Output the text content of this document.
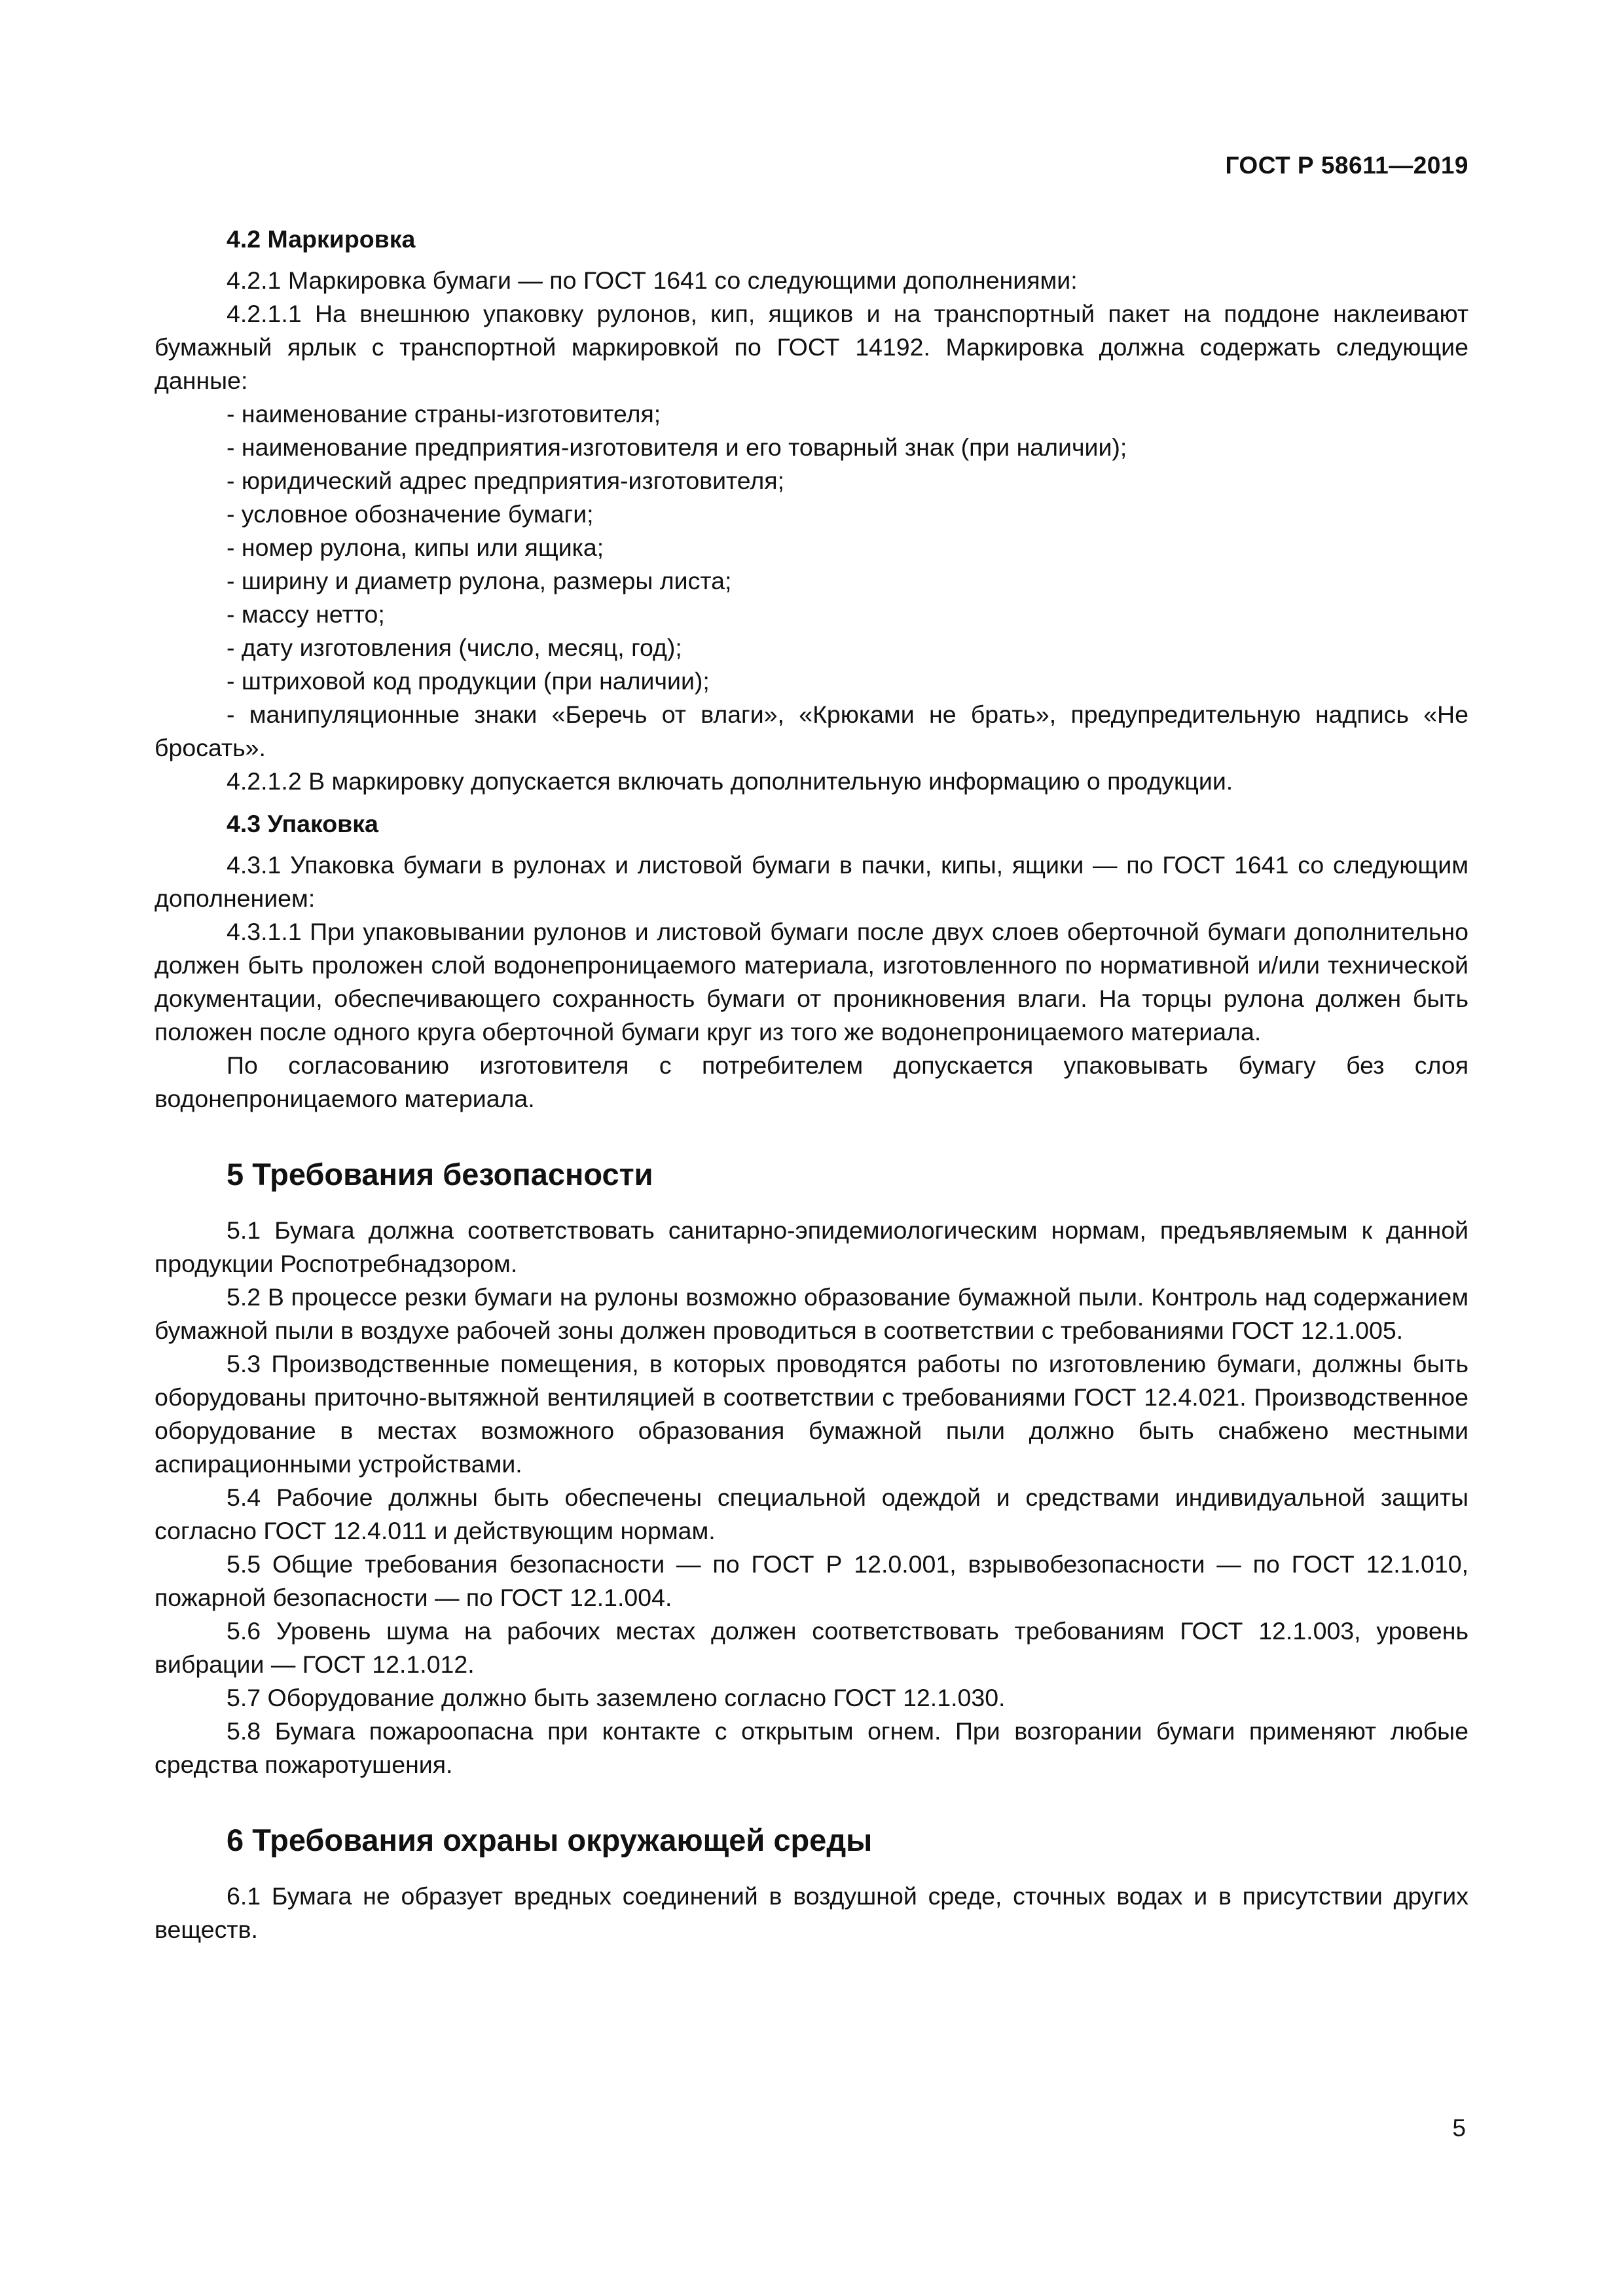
ГОСТ Р 58611—2019

4.2 Маркировка

4.2.1 Маркировка бумаги — по ГОСТ 1641 со следующими дополнениями:

4.2.1.1 На внешнюю упаковку рулонов, кип, ящиков и на транспортный пакет на поддоне наклеивают бумажный ярлык с транспортной маркировкой по ГОСТ 14192. Маркировка должна содержать следующие данные:

- наименование страны-изготовителя;

- наименование предприятия-изготовителя и его товарный знак (при наличии);

- юридический адрес предприятия-изготовителя;

- условное обозначение бумаги;

- номер рулона, кипы или ящика;

- ширину и диаметр рулона, размеры листа;

- массу нетто;

- дату изготовления (число, месяц, год);

- штриховой код продукции (при наличии);

- манипуляционные знаки «Беречь от влаги», «Крюками не брать», предупредительную надпись «Не бросать».

4.2.1.2 В маркировку допускается включать дополнительную информацию о продукции.

4.3 Упаковка

4.3.1 Упаковка бумаги в рулонах и листовой бумаги в пачки, кипы, ящики — по ГОСТ 1641 со следующим дополнением:

4.3.1.1 При упаковывании рулонов и листовой бумаги после двух слоев оберточной бумаги дополнительно должен быть проложен слой водонепроницаемого материала, изготовленного по нормативной и/или технической документации, обеспечивающего сохранность бумаги от проникновения влаги. На торцы рулона должен быть положен после одного круга оберточной бумаги круг из того же водонепроницаемого материала.

По согласованию изготовителя с потребителем допускается упаковывать бумагу без слоя водонепроницаемого материала.

5 Требования безопасности

5.1 Бумага должна соответствовать санитарно-эпидемиологическим нормам, предъявляемым к данной продукции Роспотребнадзором.

5.2 В процессе резки бумаги на рулоны возможно образование бумажной пыли. Контроль над содержанием бумажной пыли в воздухе рабочей зоны должен проводиться в соответствии с требованиями ГОСТ 12.1.005.

5.3 Производственные помещения, в которых проводятся работы по изготовлению бумаги, должны быть оборудованы приточно-вытяжной вентиляцией в соответствии с требованиями ГОСТ 12.4.021. Производственное оборудование в местах возможного образования бумажной пыли должно быть снабжено местными аспирационными устройствами.

5.4 Рабочие должны быть обеспечены специальной одеждой и средствами индивидуальной защиты согласно ГОСТ 12.4.011 и действующим нормам.

5.5 Общие требования безопасности — по ГОСТ Р 12.0.001, взрывобезопасности — по ГОСТ 12.1.010, пожарной безопасности — по ГОСТ 12.1.004.

5.6 Уровень шума на рабочих местах должен соответствовать требованиям ГОСТ 12.1.003, уровень вибрации — ГОСТ 12.1.012.

5.7 Оборудование должно быть заземлено согласно ГОСТ 12.1.030.

5.8 Бумага пожароопасна при контакте с открытым огнем. При возгорании бумаги применяют любые средства пожаротушения.

6 Требования охраны окружающей среды

6.1 Бумага не образует вредных соединений в воздушной среде, сточных водах и в присутствии других веществ.

5
